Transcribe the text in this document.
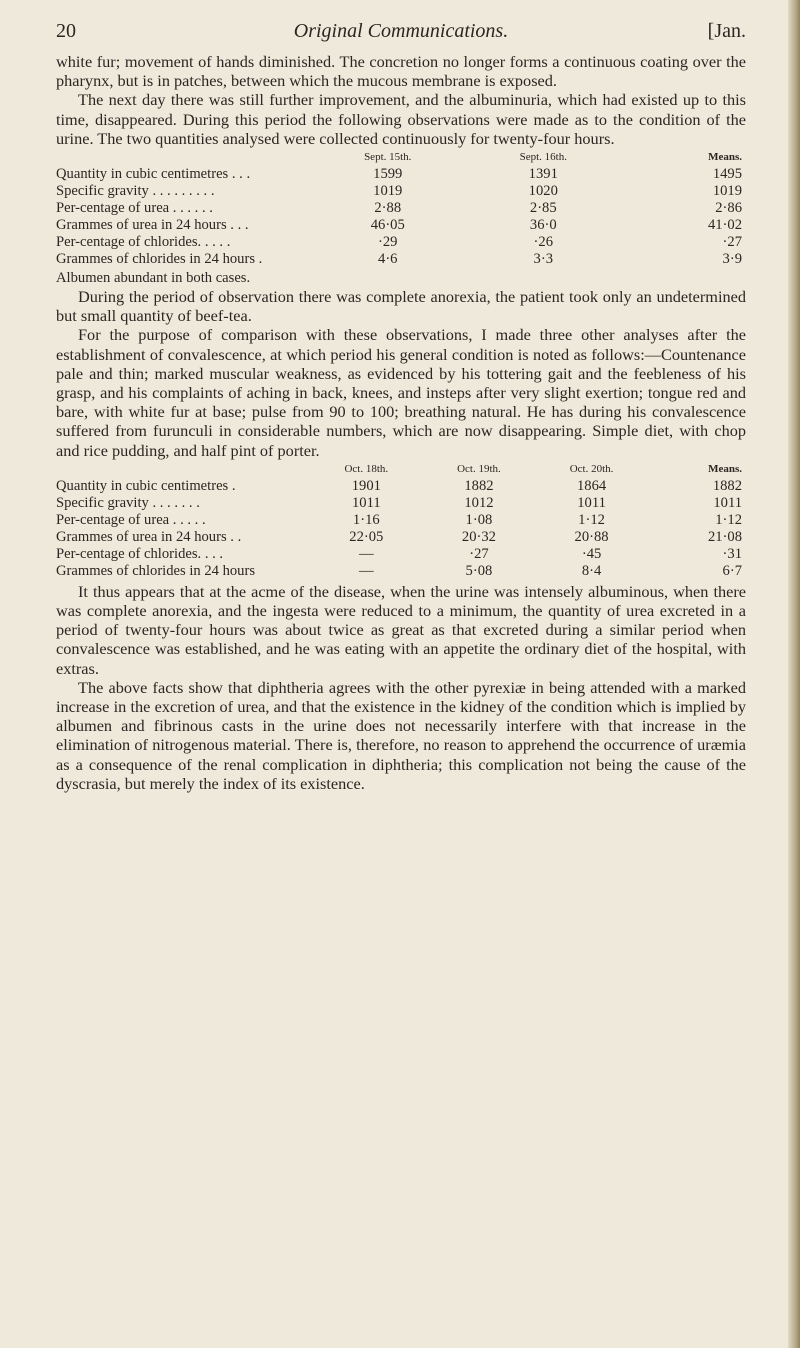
20	Original Communications.	[Jan.

white fur; movement of hands diminished. The concretion no longer forms a continuous coating over the pharynx, but is in patches, between which the mucous membrane is exposed.

The next day there was still further improvement, and the albuminuria, which had existed up to this time, disappeared. During this period the following observations were made as to the condition of the urine. The two quantities analysed were collected continuously for twenty-four hours.

	Sept. 15th.	Sept. 16th.	Means.
Quantity in cubic centimetres . . .	1599	1391	1495
Specific gravity . . . . . . . . .	1019	1020	1019
Per-centage of urea . . . . . .	2·88	2·85	2·86
Grammes of urea in 24 hours . . .	46·05	36·0	41·02
Per-centage of chlorides. . . . .	·29	·26	·27
Grammes of chlorides in 24 hours .	4·6	3·3	3·9
Albumen abundant in both cases.

During the period of observation there was complete anorexia, the patient took only an undetermined but small quantity of beef-tea.

For the purpose of comparison with these observations, I made three other analyses after the establishment of convalescence, at which period his general condition is noted as follows:—Countenance pale and thin; marked muscular weakness, as evidenced by his tottering gait and the feebleness of his grasp, and his complaints of aching in back, knees, and insteps after very slight exertion; tongue red and bare, with white fur at base; pulse from 90 to 100; breathing natural. He has during his convalescence suffered from furunculi in considerable numbers, which are now disappearing. Simple diet, with chop and rice pudding, and half pint of porter.

	Oct. 18th.	Oct. 19th.	Oct. 20th.	Means.
Quantity in cubic centimetres .	1901	1882	1864	1882
Specific gravity . . . . . . .	1011	1012	1011	1011
Per-centage of urea . . . . .	1·16	1·08	1·12	1·12
Grammes of urea in 24 hours . .	22·05	20·32	20·88	21·08
Per-centage of chlorides. . . .	—	·27	·45	·31
Grammes of chlorides in 24 hours	—	5·08	8·4	6·7

It thus appears that at the acme of the disease, when the urine was intensely albuminous, when there was complete anorexia, and the ingesta were reduced to a minimum, the quantity of urea excreted in a period of twenty-four hours was about twice as great as that excreted during a similar period when convalescence was established, and he was eating with an appetite the ordinary diet of the hospital, with extras.

The above facts show that diphtheria agrees with the other pyrexiæ in being attended with a marked increase in the excretion of urea, and that the existence in the kidney of the condition which is implied by albumen and fibrinous casts in the urine does not necessarily interfere with that increase in the elimination of nitrogenous material. There is, therefore, no reason to apprehend the occurrence of uræmia as a consequence of the renal complication in diphtheria; this complication not being the cause of the dyscrasia, but merely the index of its existence.
